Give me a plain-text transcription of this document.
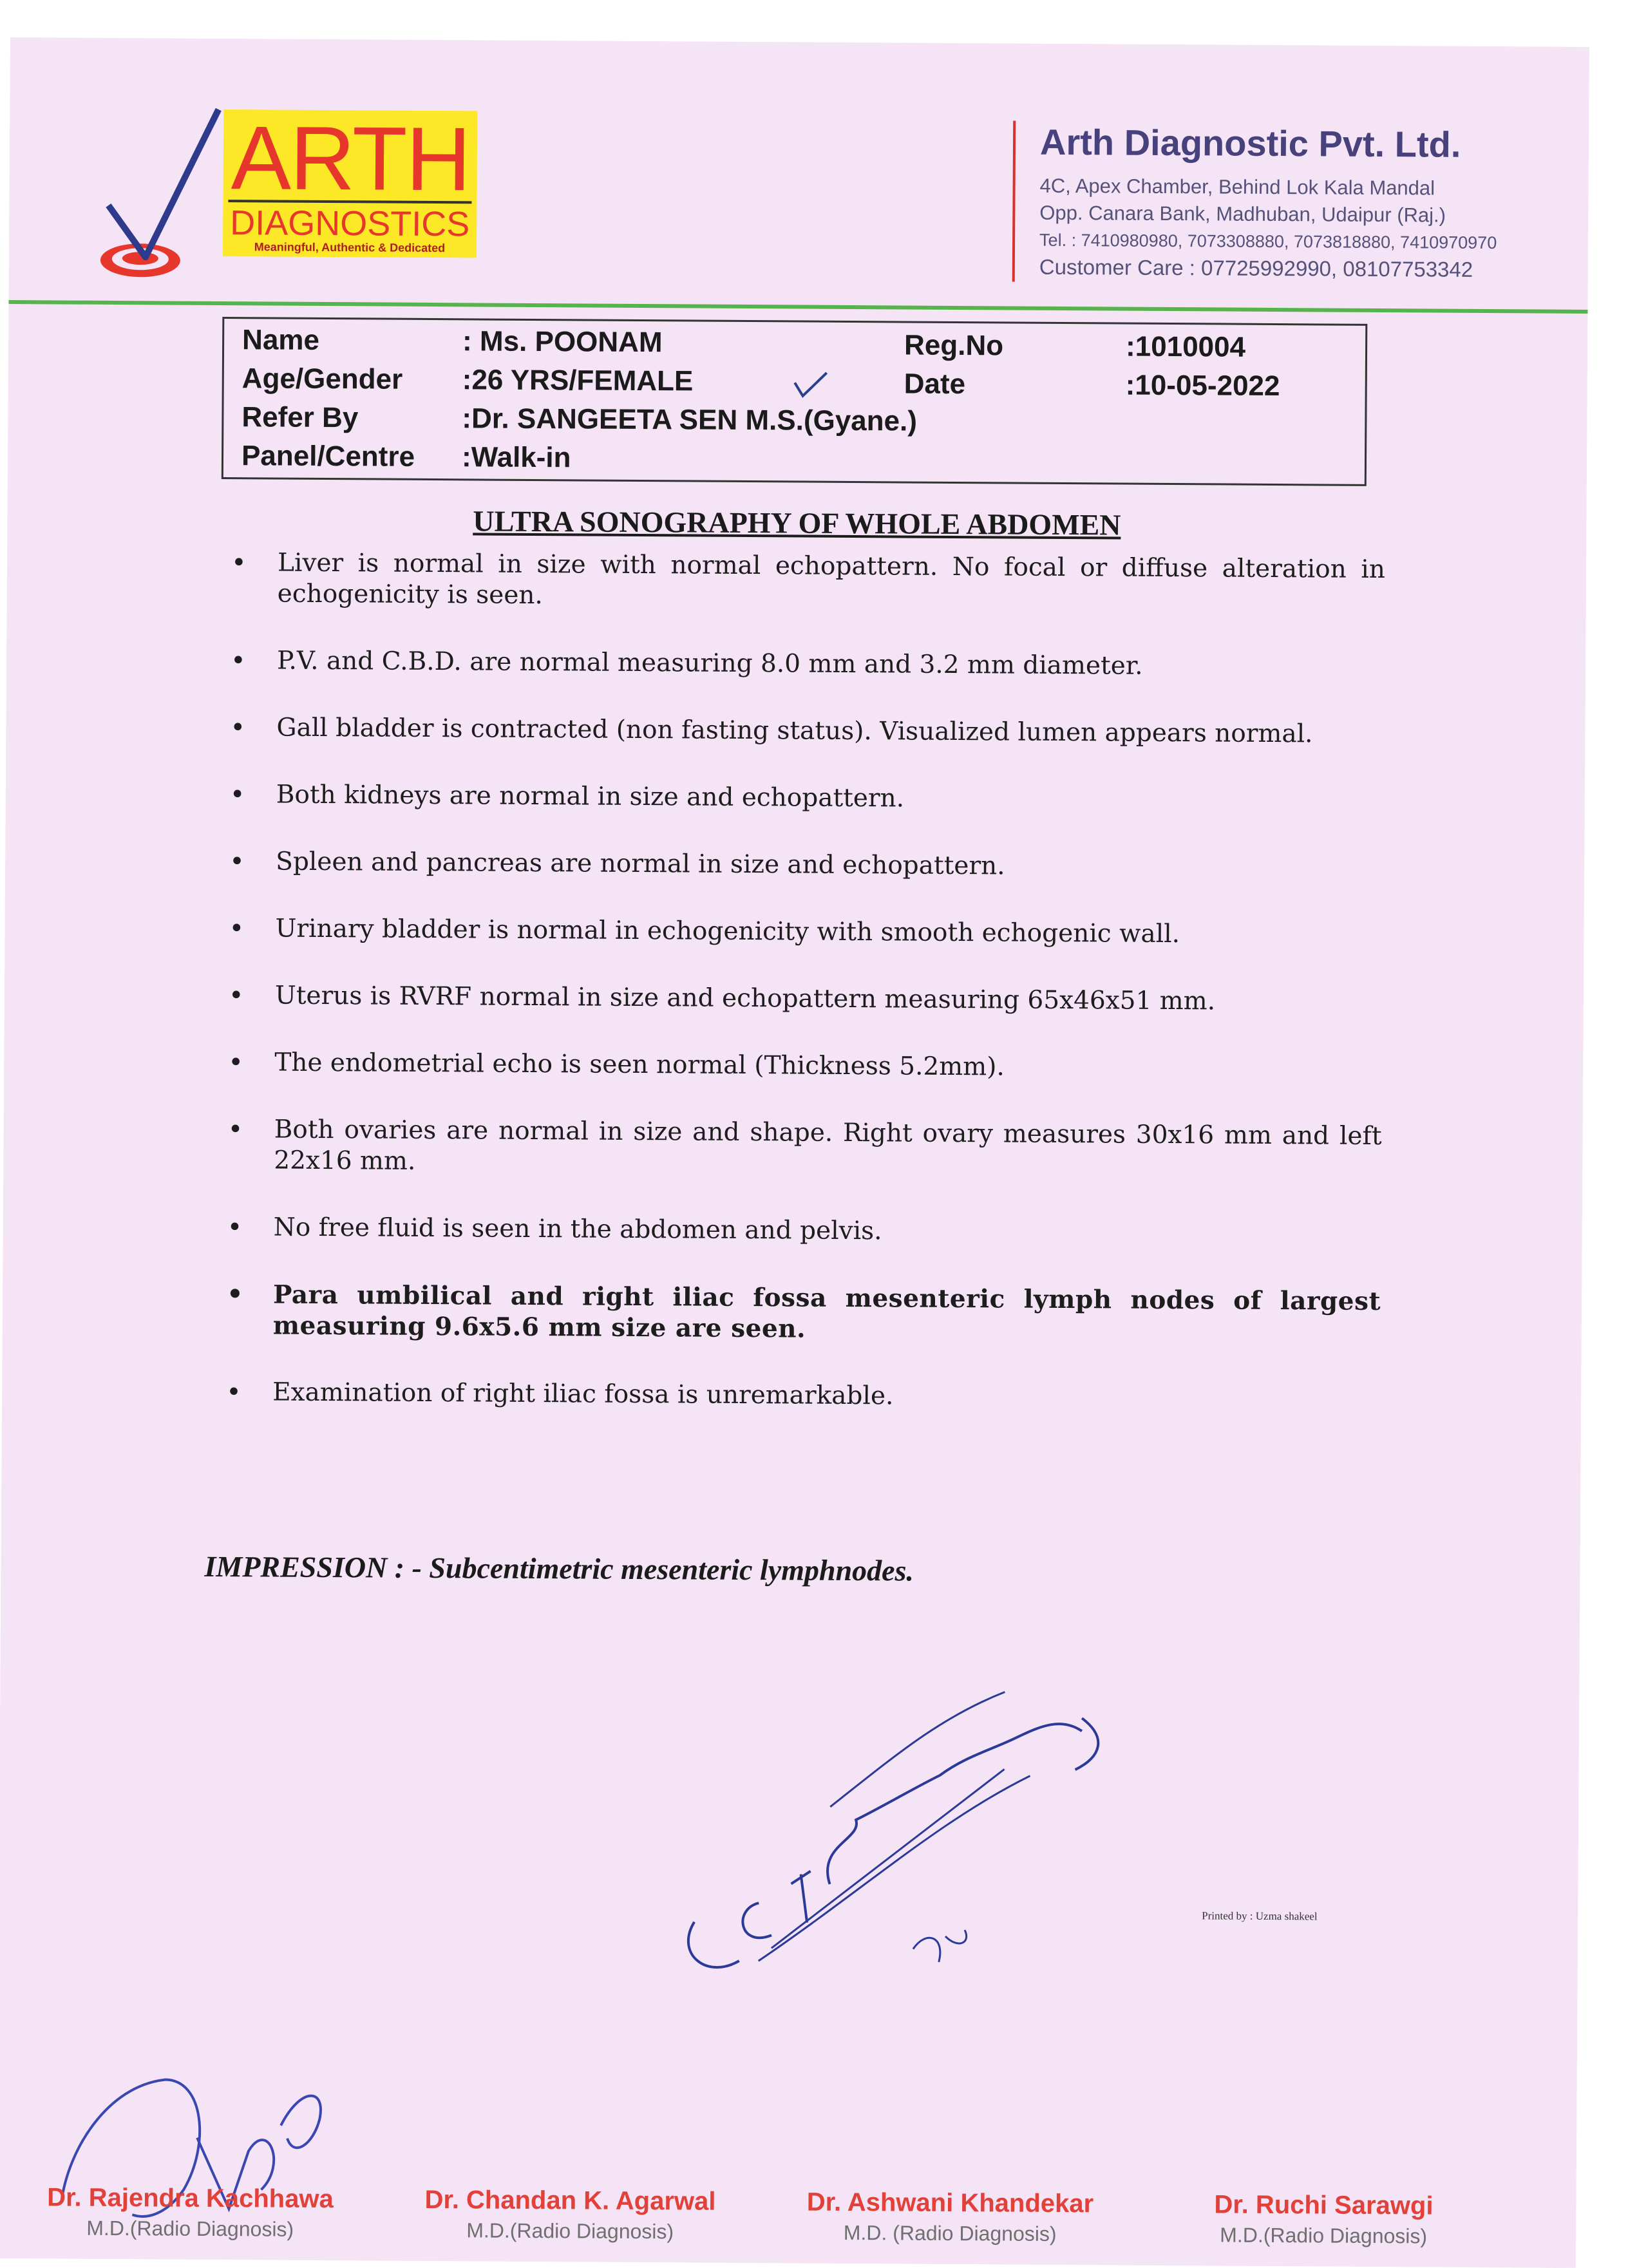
ARTH
DIAGNOSTICS
Meaningful, Authentic & Dedicated
Arth Diagnostic Pvt. Ltd.
4C, Apex Chamber, Behind Lok Kala Mandal
Opp. Canara Bank, Madhuban, Udaipur (Raj.)
Tel. : 7410980980, 7073308880, 7073818880, 7410970970
Customer Care : 07725992990, 08107753342
Name	: Ms. POONAM
Age/Gender :26 YRS/FEMALE
Refer By	:Dr. SANGEETA SEN M.S.(Gyane.)
Panel/Centre :Walk-in
Reg.No	:1010004
Date	:10-05-2022
ULTRA SONOGRAPHY OF WHOLE ABDOMEN
• Liver is normal in size with normal echopattern. No focal or diffuse alteration in echogenicity is seen.
• P.V. and C.B.D. are normal measuring 8.0 mm and 3.2 mm diameter.
• Gall bladder is contracted (non fasting status). Visualized lumen appears normal.
• Both kidneys are normal in size and echopattern.
• Spleen and pancreas are normal in size and echopattern.
• Urinary bladder is normal in echogenicity with smooth echogenic wall.
• Uterus is RVRF normal in size and echopattern measuring 65x46x51 mm.
• The endometrial echo is seen normal (Thickness 5.2mm).
• Both ovaries are normal in size and shape. Right ovary measures 30x16 mm and left 22x16 mm.
• No free fluid is seen in the abdomen and pelvis.
• Para umbilical and right iliac fossa mesenteric lymph nodes of largest measuring 9.6x5.6 mm size are seen.
• Examination of right iliac fossa is unremarkable.
IMPRESSION : - Subcentimetric mesenteric lymphnodes.
Printed by : Uzma shakeel
Dr. Rajendra Kachhawa
M.D.(Radio Diagnosis)
Dr. Chandan K. Agarwal
M.D.(Radio Diagnosis)
Dr. Ashwani Khandekar
M.D. (Radio Diagnosis)
Dr. Ruchi Sarawgi
M.D.(Radio Diagnosis)
